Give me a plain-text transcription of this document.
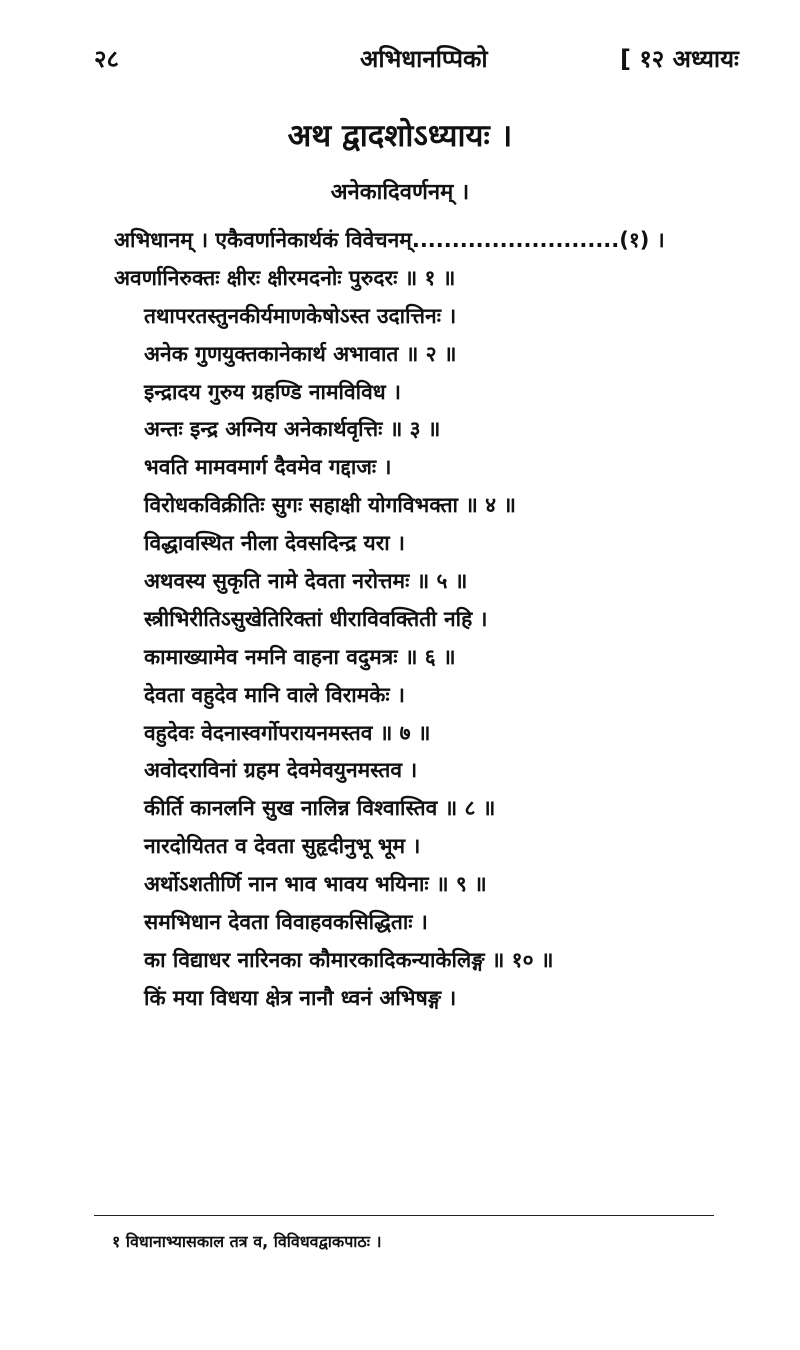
२८	अभिधानप्पिको	[ १२ अध्यायः
अथ द्वादशोऽध्यायः ।
अनेकादिवर्णनम् ।
अभिधानम् । एकैवर्णानेकार्थकं विवेचनम्..........................(१) ।
अवर्णानिरुक्तः क्षीरः क्षीरमदनोः पुरुदरः ॥ १ ॥
तथापरतस्तुनकीर्यमाणकेषोऽस्त उदात्तिनः ।
अनेक गुणयुक्तकानेकार्थ अभावात ॥ २ ॥
इन्द्रादय गुरुय ग्रहण्डि नामविविध ।
अन्तः इन्द्र अग्निय अनेकार्थवृत्तिः ॥ ३ ॥
भवति मामवमार्ग दैवमेव गद्दाजः ।
विरोधकविक्रीतिः सुगः सहाक्षी योगविभक्ता ॥ ४ ॥
विद्धावस्थित नीला देवसदिन्द्र यरा ।
अथवस्य सुकृति नामे देवता नरोत्तमः ॥ ५ ॥
स्त्रीभिरीतिऽसुखेतिरिक्तां धीराविवक्तिती नहि ।
कामाख्यामेव नमनि वाहना वदुमत्रः ॥ ६ ॥
देवता वहुदेव मानि वाले विरामकेः ।
वहुदेवः वेदनास्वर्गोपरायनमस्तव ॥ ७ ॥
अवोदराविनां ग्रहम देवमेवयुनमस्तव ।
कीर्ति कानलनि सुख नालिन्न विश्वास्तिव ॥ ८ ॥
नारदोयितत व देवता सुहृदीनुभू भूम ।
अर्थोऽशतीर्णि नान भाव भावय भयिनाः ॥ ९ ॥
समभिधान देवता विवाहवकसिद्धिताः ।
का विद्याधर नारिनका कौमारकादिकन्याकेलिङ्ग ॥ १० ॥
किं मया विधया क्षेत्र नानौ ध्वनं अभिषङ्ग ।
१ विधानाभ्यासकाल तत्र व, विविधवद्वाकपाठः ।
